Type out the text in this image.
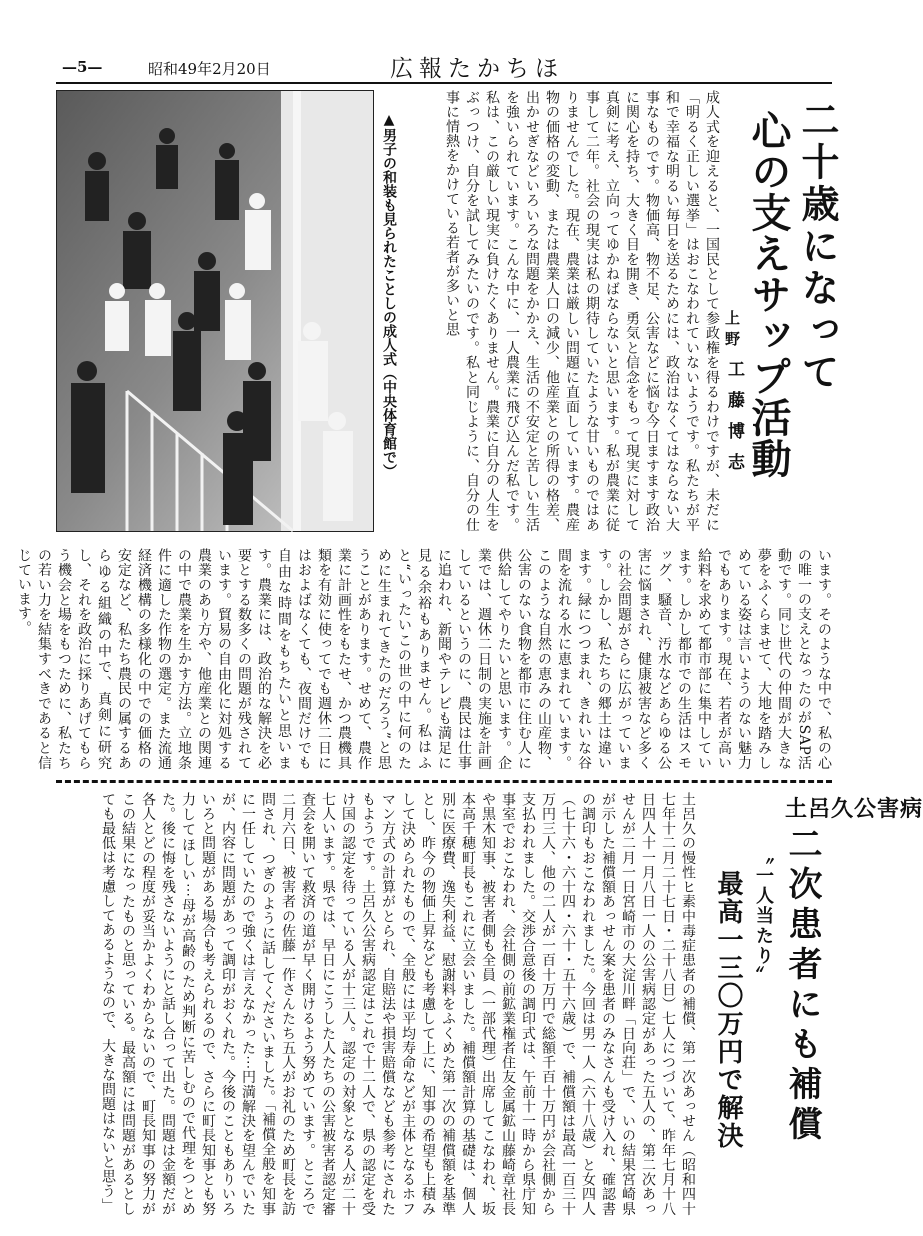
—5—	昭和49年2月20日	広報たかちほ
▲男子の和装も見られたことしの成人式（中央体育館で）	成人式を迎えると、一国民として参政権を得るわけですが、未だに「明るく正しい選挙」はおこなわれていないようです。私たちが平和で幸福な明るい毎日を送るためには、政治はなくてはならない大事なものです。物価高、物不足、公害などに悩む今日ますます政治に関心を持ち、大きく目を開き、勇気と信念をもって現実に対して真剣に考え、立向ってゆかねばならないと思います。私が農業に従事して二年。社会の現実は私の期待していたような甘いものではありませんでした。現在、農業は厳しい問題に直面しています。農産物の価格の変動、または農業人口の減少、他産業との所得の格差、出かせぎなどいろいろな問題をかかえ、生活の不安定と苦しい生活を強いられています。こんな中に、一人農業に飛び込んだ私です。私は、この厳しい現実に負けたくありません。農業に自分の人生をぶっつけ、自分を試してみたいのです。私と同じように、自分の仕事に情熱をかけている若者が多いと思	二十歳になって
心の支えサップ活動
上野
工藤博志
います。そのような中で、私の心の唯一の支えとなったのがSAP活動です。同じ世代の仲間が大きな夢をふくらませて、大地を踏みしめている姿は言いようのない魅力でもあります。現在、若者が高い給料を求めて都市部に集中しています。しかし都市での生活はスモッグ、騒音、汚水などあらゆる公害に悩まされ、健康被害など多くの社会問題がさらに広がっています。しかし、私たちの郷土は違います。緑につつまれ、きれいな谷間を流れる水に恵まれています。このような自然の恵みの山産物、公害のない食物を都市に住む人に供給してやりたいと思います。企業では、週休二日制の実施を計画しているというのに、農民は仕事に追われ、新聞やテレビも満足に見る余裕もありません。私はふと“いったいこの世の中に何のために生まれてきたのだろう”と思うことがあります。せめて、農作業に計画性をもたせ、かつ農機具類を有効に使ってでも週休二日にはおよばなくても、夜間だけでも自由な時間をもちたいと思います。農業には、政治的な解決を必要とする数多くの問題が残されています。貿易の自由化に対処する農業のあり方や、他産業との関連の中で農業を生かす方法。立地条件に適した作物の選定。また流通経済機構の多様化の中での価格の安定など、私たち農民の属するあらゆる組織の中で、真剣に研究し、それを政治に採りあげてもらう機会と場をもつために、私たちの若い力を結集すべきであると信じています。
土呂久公害病
二次患者にも補償
〝一人当たり〟
最高一三〇万円で解決
土呂久の慢性ヒ素中毒症患者の補償、第一次あっせん（昭和四十七年十二月二十七日・二十八日）七人につづいて、昨年七月十八日四人十一月八日一人の公害病認定があった五人の、第二次あっせんが二月一日宮崎市の大淀川畔「日向荘」で、いの結果宮崎県が示した補償額あっせん案を患者のみなさんも受け入れ、確認書の調印もおこなわれました。今回は男一人（六十八歳）と女四人（七十六・六十四・六十・五十六歳）で、補償額は最高一百三十万円三人、他の二人が一百十万円で総額千百十万円が会社側から支払われました。交渉合意後の調印式は、午前十一時から県庁知事室でおこなわれ、会社側の前鉱業権者住友金属鉱山藤崎章社長や黒木知事、被害者側も全員（一部代理）出席してこなわれ、坂本高千穂町長もこれに立会いました。補償額計算の基礎は、個人別に医療費、逸失利益、慰謝料をふくめた第一次の補償額を基準とし、昨今の物価上昇なども考慮して上に、知事の希望も上積みして決められたもので、全般には平均寿命などが主体となるホフマン方式の計算がとられ、自賠法や損害賠償なども参考にされたもようです。土呂久公害病認定はこれで十二人で、県の認定を受け国の認定を待っている人が十三人。認定の対象となる人が二十七人います。県では、早日にこうした人たちの公害被害者認定審査会を開いて救済の道が早く開けるよう努めています。ところで二月六日、被害者の佐藤一作さんたち五人がお礼のため町長を訪問され、つぎのように話してくださいました。「補償全般を知事に一任していたので強くは言えなかった⋯円満解決を望んでいたが、内容に問題があって調印がおくれた。今後のこともありいろいろと問題がある場合も考えられるので、さらに町長知事とも努力してほしい⋯母が高齢のため判断に苦しむので代理をつとめた。後に悔を残さないようにと話し合って出た。問題は金額だが各人とどの程度が妥当かよくわからないので、町長知事の努力がこの結果になったものと思っている。最高額には問題があるとしても最低は考慮してあるようなので、大きな問題はないと思う」
